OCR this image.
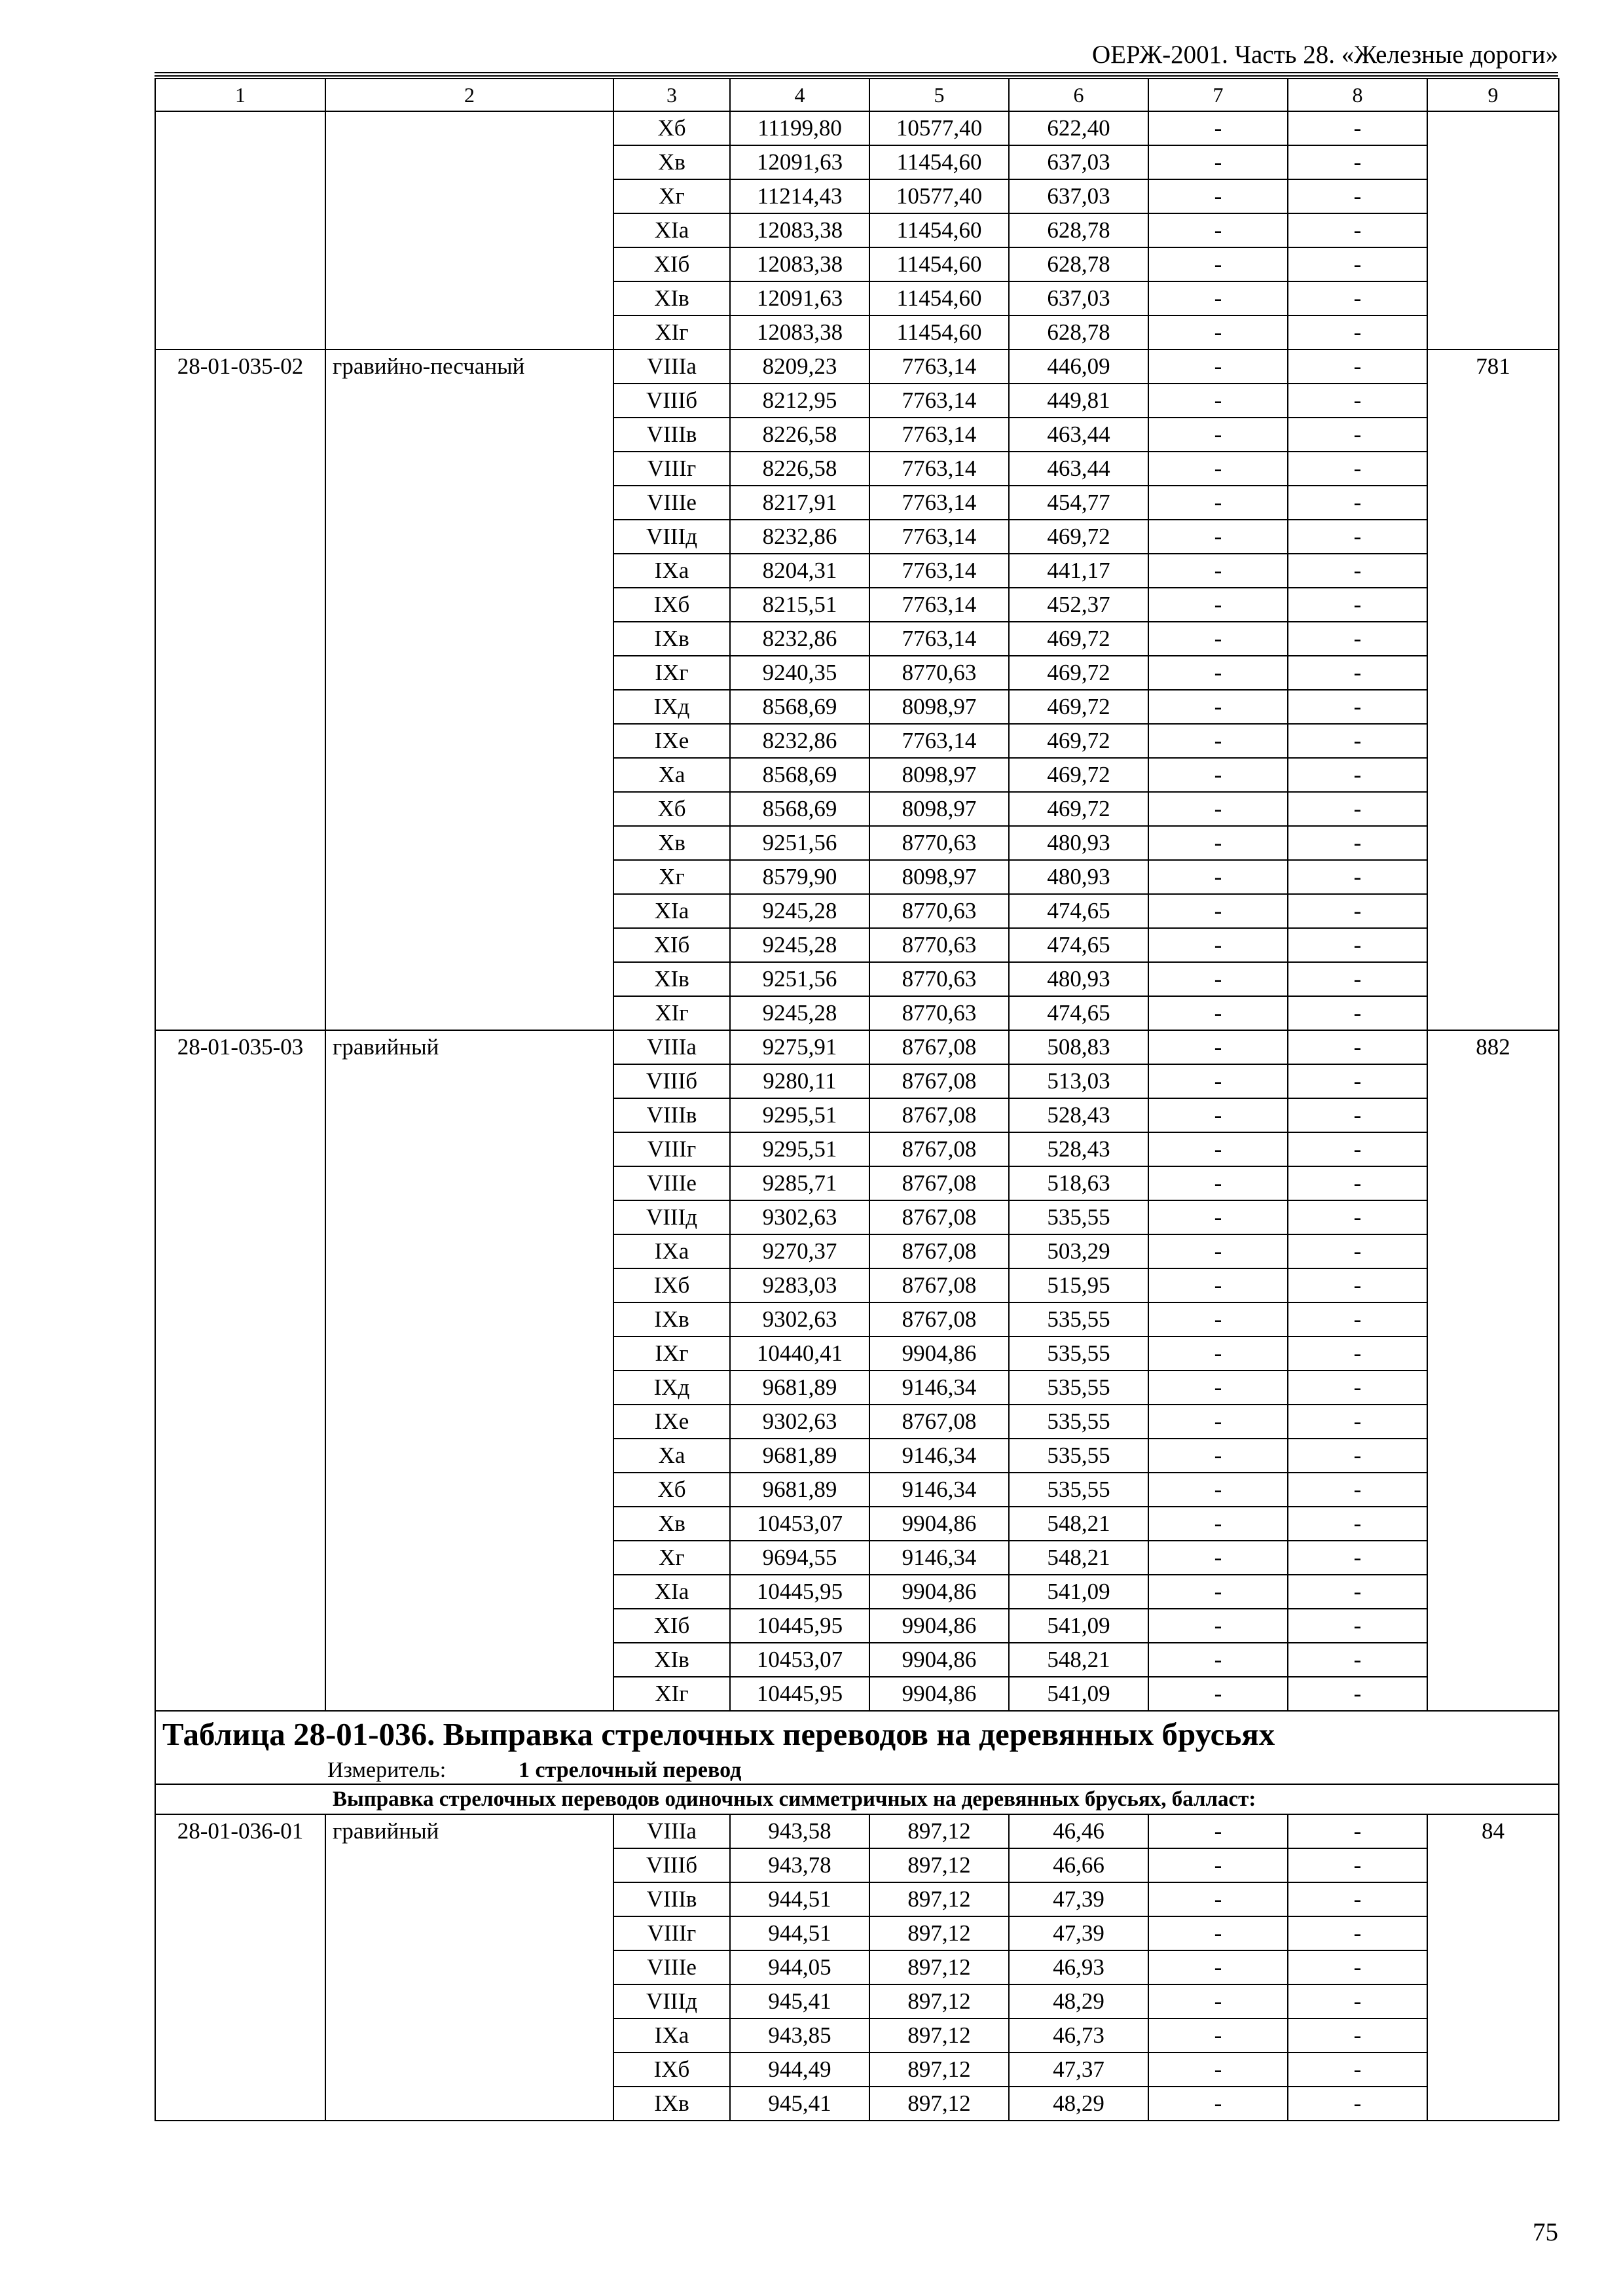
ОЕРЖ-2001. Часть 28. «Железные дороги»
1	2	3	4	5	6	7	8	9
		Xб	11199,80	10577,40	622,40	-	-	
		Xв	12091,63	11454,60	637,03	-	-	
		Xг	11214,43	10577,40	637,03	-	-	
		XIа	12083,38	11454,60	628,78	-	-	
		XIб	12083,38	11454,60	628,78	-	-	
		XIв	12091,63	11454,60	637,03	-	-	
		XIг	12083,38	11454,60	628,78	-	-	
28-01-035-02	гравийно-песчаный	VIIIа	8209,23	7763,14	446,09	-	-	781
		VIIIб	8212,95	7763,14	449,81	-	-	
		VIIIв	8226,58	7763,14	463,44	-	-	
		VIIIг	8226,58	7763,14	463,44	-	-	
		VIIIе	8217,91	7763,14	454,77	-	-	
		VIIIд	8232,86	7763,14	469,72	-	-	
		IXа	8204,31	7763,14	441,17	-	-	
		IXб	8215,51	7763,14	452,37	-	-	
		IXв	8232,86	7763,14	469,72	-	-	
		IXг	9240,35	8770,63	469,72	-	-	
		IXд	8568,69	8098,97	469,72	-	-	
		IXе	8232,86	7763,14	469,72	-	-	
		Xа	8568,69	8098,97	469,72	-	-	
		Xб	8568,69	8098,97	469,72	-	-	
		Xв	9251,56	8770,63	480,93	-	-	
		Xг	8579,90	8098,97	480,93	-	-	
		XIа	9245,28	8770,63	474,65	-	-	
		XIб	9245,28	8770,63	474,65	-	-	
		XIв	9251,56	8770,63	480,93	-	-	
		XIг	9245,28	8770,63	474,65	-	-	
28-01-035-03	гравийный	VIIIа	9275,91	8767,08	508,83	-	-	882
		VIIIб	9280,11	8767,08	513,03	-	-	
		VIIIв	9295,51	8767,08	528,43	-	-	
		VIIIг	9295,51	8767,08	528,43	-	-	
		VIIIе	9285,71	8767,08	518,63	-	-	
		VIIIд	9302,63	8767,08	535,55	-	-	
		IXа	9270,37	8767,08	503,29	-	-	
		IXб	9283,03	8767,08	515,95	-	-	
		IXв	9302,63	8767,08	535,55	-	-	
		IXг	10440,41	9904,86	535,55	-	-	
		IXд	9681,89	9146,34	535,55	-	-	
		IXе	9302,63	8767,08	535,55	-	-	
		Xа	9681,89	9146,34	535,55	-	-	
		Xб	9681,89	9146,34	535,55	-	-	
		Xв	10453,07	9904,86	548,21	-	-	
		Xг	9694,55	9146,34	548,21	-	-	
		XIа	10445,95	9904,86	541,09	-	-	
		XIб	10445,95	9904,86	541,09	-	-	
		XIв	10453,07	9904,86	548,21	-	-	
		XIг	10445,95	9904,86	541,09	-	-	
Таблица 28-01-036. Выправка стрелочных переводов на деревянных брусьях								
Измеритель: 1 стрелочный перевод								
Выправка стрелочных переводов одиночных симметричных на деревянных брусьях, балласт:								
28-01-036-01	гравийный	VIIIа	943,58	897,12	46,46	-	-	84
		VIIIб	943,78	897,12	46,66	-	-	
		VIIIв	944,51	897,12	47,39	-	-	
		VIIIг	944,51	897,12	47,39	-	-	
		VIIIе	944,05	897,12	46,93	-	-	
		VIIIд	945,41	897,12	48,29	-	-	
		IXа	943,85	897,12	46,73	-	-	
		IXб	944,49	897,12	47,37	-	-	
		IXв	945,41	897,12	48,29	-	-	
75
